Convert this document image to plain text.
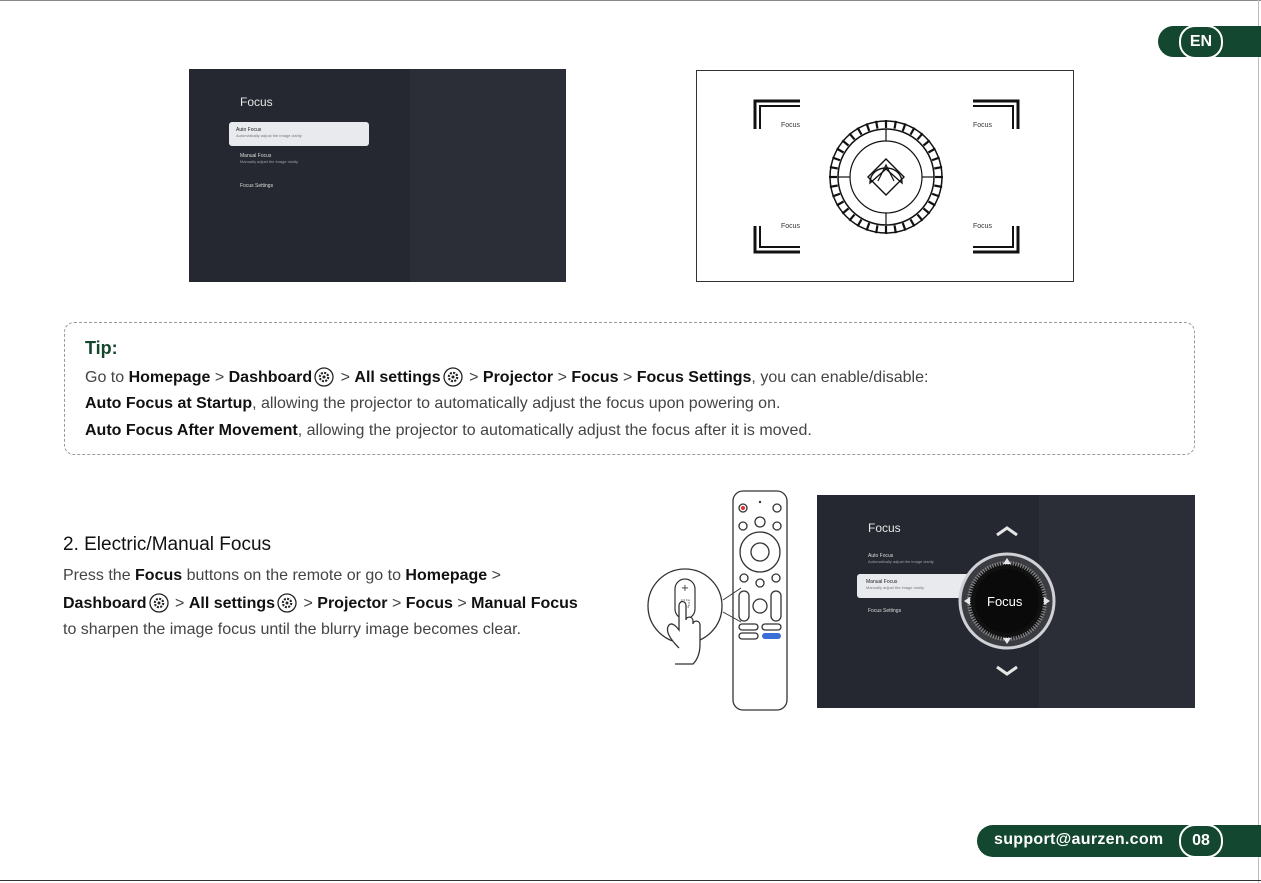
EN
Focus
Auto Focus
Automatically adjust the image clarity
Manual Focus
Manually adjust the image clarity
Focus Settings
Focus	Focus
Focus	Focus
Tip:
Go to Homepage > Dashboard > All settings > Projector > Focus > Focus Settings, you can enable/disable:
Auto Focus at Startup, allowing the projector to automatically adjust the focus upon powering on.
Auto Focus After Movement, allowing the projector to automatically adjust the focus after it is moved.
2. Electric/Manual Focus
Press the Focus buttons on the remote or go to Homepage >
Dashboard > All settings > Projector > Focus > Manual Focus
to sharpen the image focus until the blurry image becomes clear.
+
Focus
Auto Focus
Automatically adjust the image clarity
Manual Focus
Manually adjust the image clarity
Focus Settings
Focus
support@aurzen.com	08
